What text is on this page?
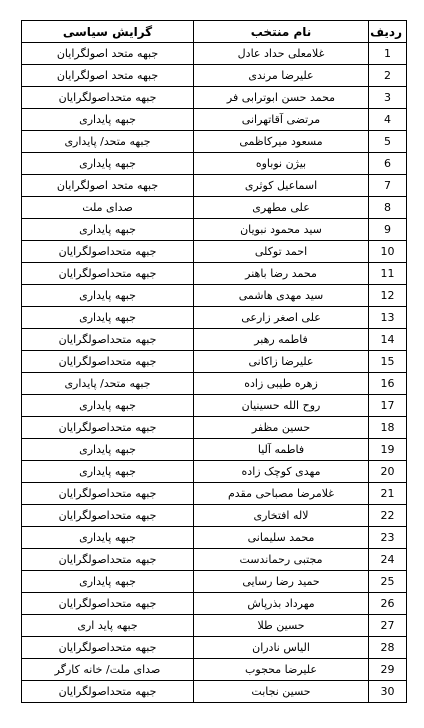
ردیف	نام منتخب	گرایش سیاسی
1	غلامعلی حداد عادل	جبهه متحد اصولگرایان
2	علیرضا مرندی	جبهه متحد اصولگرایان
3	محمد حسن ابوترابی فر	جبهه متحداصولگرایان
4	مرتضی آقاتهرانی	جبهه پایداری
5	مسعود میرکاظمی	جبهه متحد/ پایداری
6	بیژن نوباوه	جبهه پایداری
7	اسماعیل کوثری	جبهه متحد اصولگرایان
8	علی مطهری	صدای ملت
9	سید محمود نبویان	جبهه پایداری
10	احمد توکلی	جبهه متحداصولگرایان
11	محمد رضا باهنر	جبهه متحداصولگرایان
12	سید مهدی هاشمی	جبهه پایداری
13	علی اصغر زارعی	جبهه پایداری
14	فاطمه رهبر	جبهه متحداصولگرایان
15	علیرضا زاکانی	جبهه متحداصولگرایان
16	زهره طیبی زاده	جبهه متحد/ پایداری
17	روح الله حسینیان	جبهه پایداری
18	حسین مظفر	جبهه متحداصولگرایان
19	فاطمه آلیا	جبهه پایداری
20	مهدی کوچک زاده	جبهه پایداری
21	غلامرضا مصباحی مقدم	جبهه متحداصولگرایان
22	لاله افتخاری	جبهه متحداصولگرایان
23	محمد سلیمانی	جبهه پایداری
24	مجتبی رحماندست	جبهه متحداصولگرایان
25	حمید رضا رسایی	جبهه پایداری
26	مهرداد بذرپاش	جبهه متحداصولگرایان
27	حسین طلا	جبهه پاید اری
28	الیاس نادران	جبهه متحداصولگرایان
29	علیرضا محجوب	صدای ملت/ خانه کارگر
30	حسین نجابت	جبهه متحداصولگرایان
